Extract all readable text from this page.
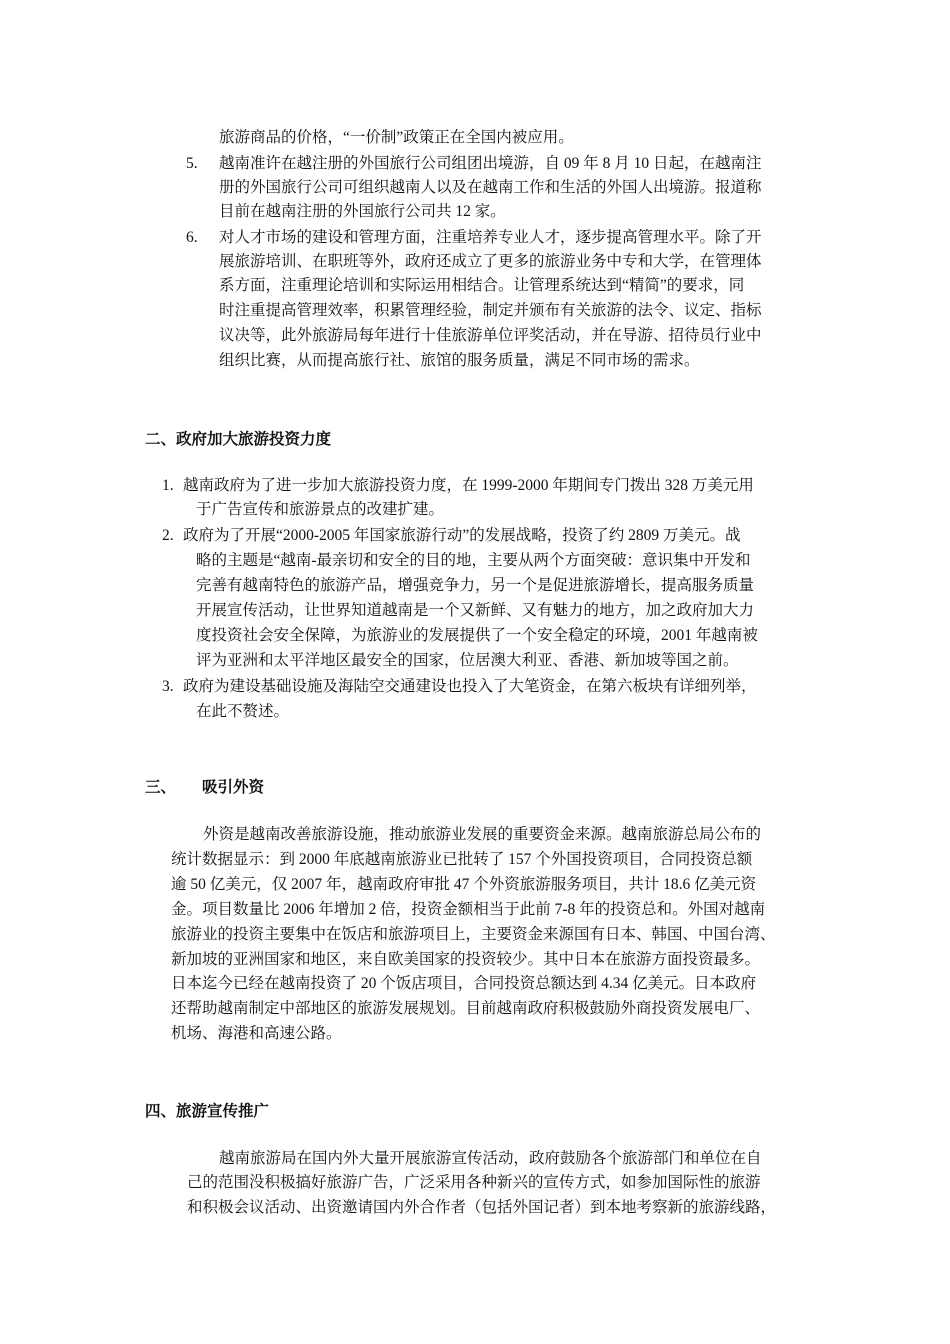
旅游商品的价格，“一价制”政策正在全国内被应用。
5. 越南准许在越注册的外国旅行公司组团出境游，自 09 年 8 月 10 日起，在越南注
册的外国旅行公司可组织越南人以及在越南工作和生活的外国人出境游。报道称
目前在越南注册的外国旅行公司共 12 家。
6. 对人才市场的建设和管理方面，注重培养专业人才，逐步提高管理水平。除了开
展旅游培训、在职班等外，政府还成立了更多的旅游业务中专和大学，在管理体
系方面，注重理论培训和实际运用相结合。让管理系统达到“精简”的要求，同
时注重提高管理效率，积累管理经验，制定并颁布有关旅游的法令、议定、指标
议决等，此外旅游局每年进行十佳旅游单位评奖活动，并在导游、招待员行业中
组织比赛，从而提高旅行社、旅馆的服务质量，满足不同市场的需求。
二、政府加大旅游投资力度
1. 越南政府为了进一步加大旅游投资力度，在 1999-2000 年期间专门拨出 328 万美元用
于广告宣传和旅游景点的改建扩建。
2. 政府为了开展“2000-2005 年国家旅游行动”的发展战略，投资了约 2809 万美元。战
略的主题是“越南-最亲切和安全的目的地，主要从两个方面突破：意识集中开发和
完善有越南特色的旅游产品，增强竞争力，另一个是促进旅游增长，提高服务质量
开展宣传活动，让世界知道越南是一个又新鲜、又有魅力的地方，加之政府加大力
度投资社会安全保障，为旅游业的发展提供了一个安全稳定的环境，2001 年越南被
评为亚洲和太平洋地区最安全的国家，位居澳大利亚、香港、新加坡等国之前。
3. 政府为建设基础设施及海陆空交通建设也投入了大笔资金，在第六板块有详细列举，
在此不赘述。
三、 吸引外资
外资是越南改善旅游设施，推动旅游业发展的重要资金来源。越南旅游总局公布的
统计数据显示：到 2000 年底越南旅游业已批转了 157 个外国投资项目，合同投资总额
逾 50 亿美元，仅 2007 年，越南政府审批 47 个外资旅游服务项目，共计 18.6 亿美元资
金。项目数量比 2006 年增加 2 倍，投资金额相当于此前 7-8 年的投资总和。外国对越南
旅游业的投资主要集中在饭店和旅游项目上，主要资金来源国有日本、韩国、中国台湾、
新加坡的亚洲国家和地区，来自欧美国家的投资较少。其中日本在旅游方面投资最多。
日本迄今已经在越南投资了 20 个饭店项目，合同投资总额达到 4.34 亿美元。日本政府
还帮助越南制定中部地区的旅游发展规划。目前越南政府积极鼓励外商投资发展电厂、
机场、海港和高速公路。
四、旅游宣传推广
越南旅游局在国内外大量开展旅游宣传活动，政府鼓励各个旅游部门和单位在自
己的范围没积极搞好旅游广告，广泛采用各种新兴的宣传方式，如参加国际性的旅游
和积极会议活动、出资邀请国内外合作者（包括外国记者）到本地考察新的旅游线路，
